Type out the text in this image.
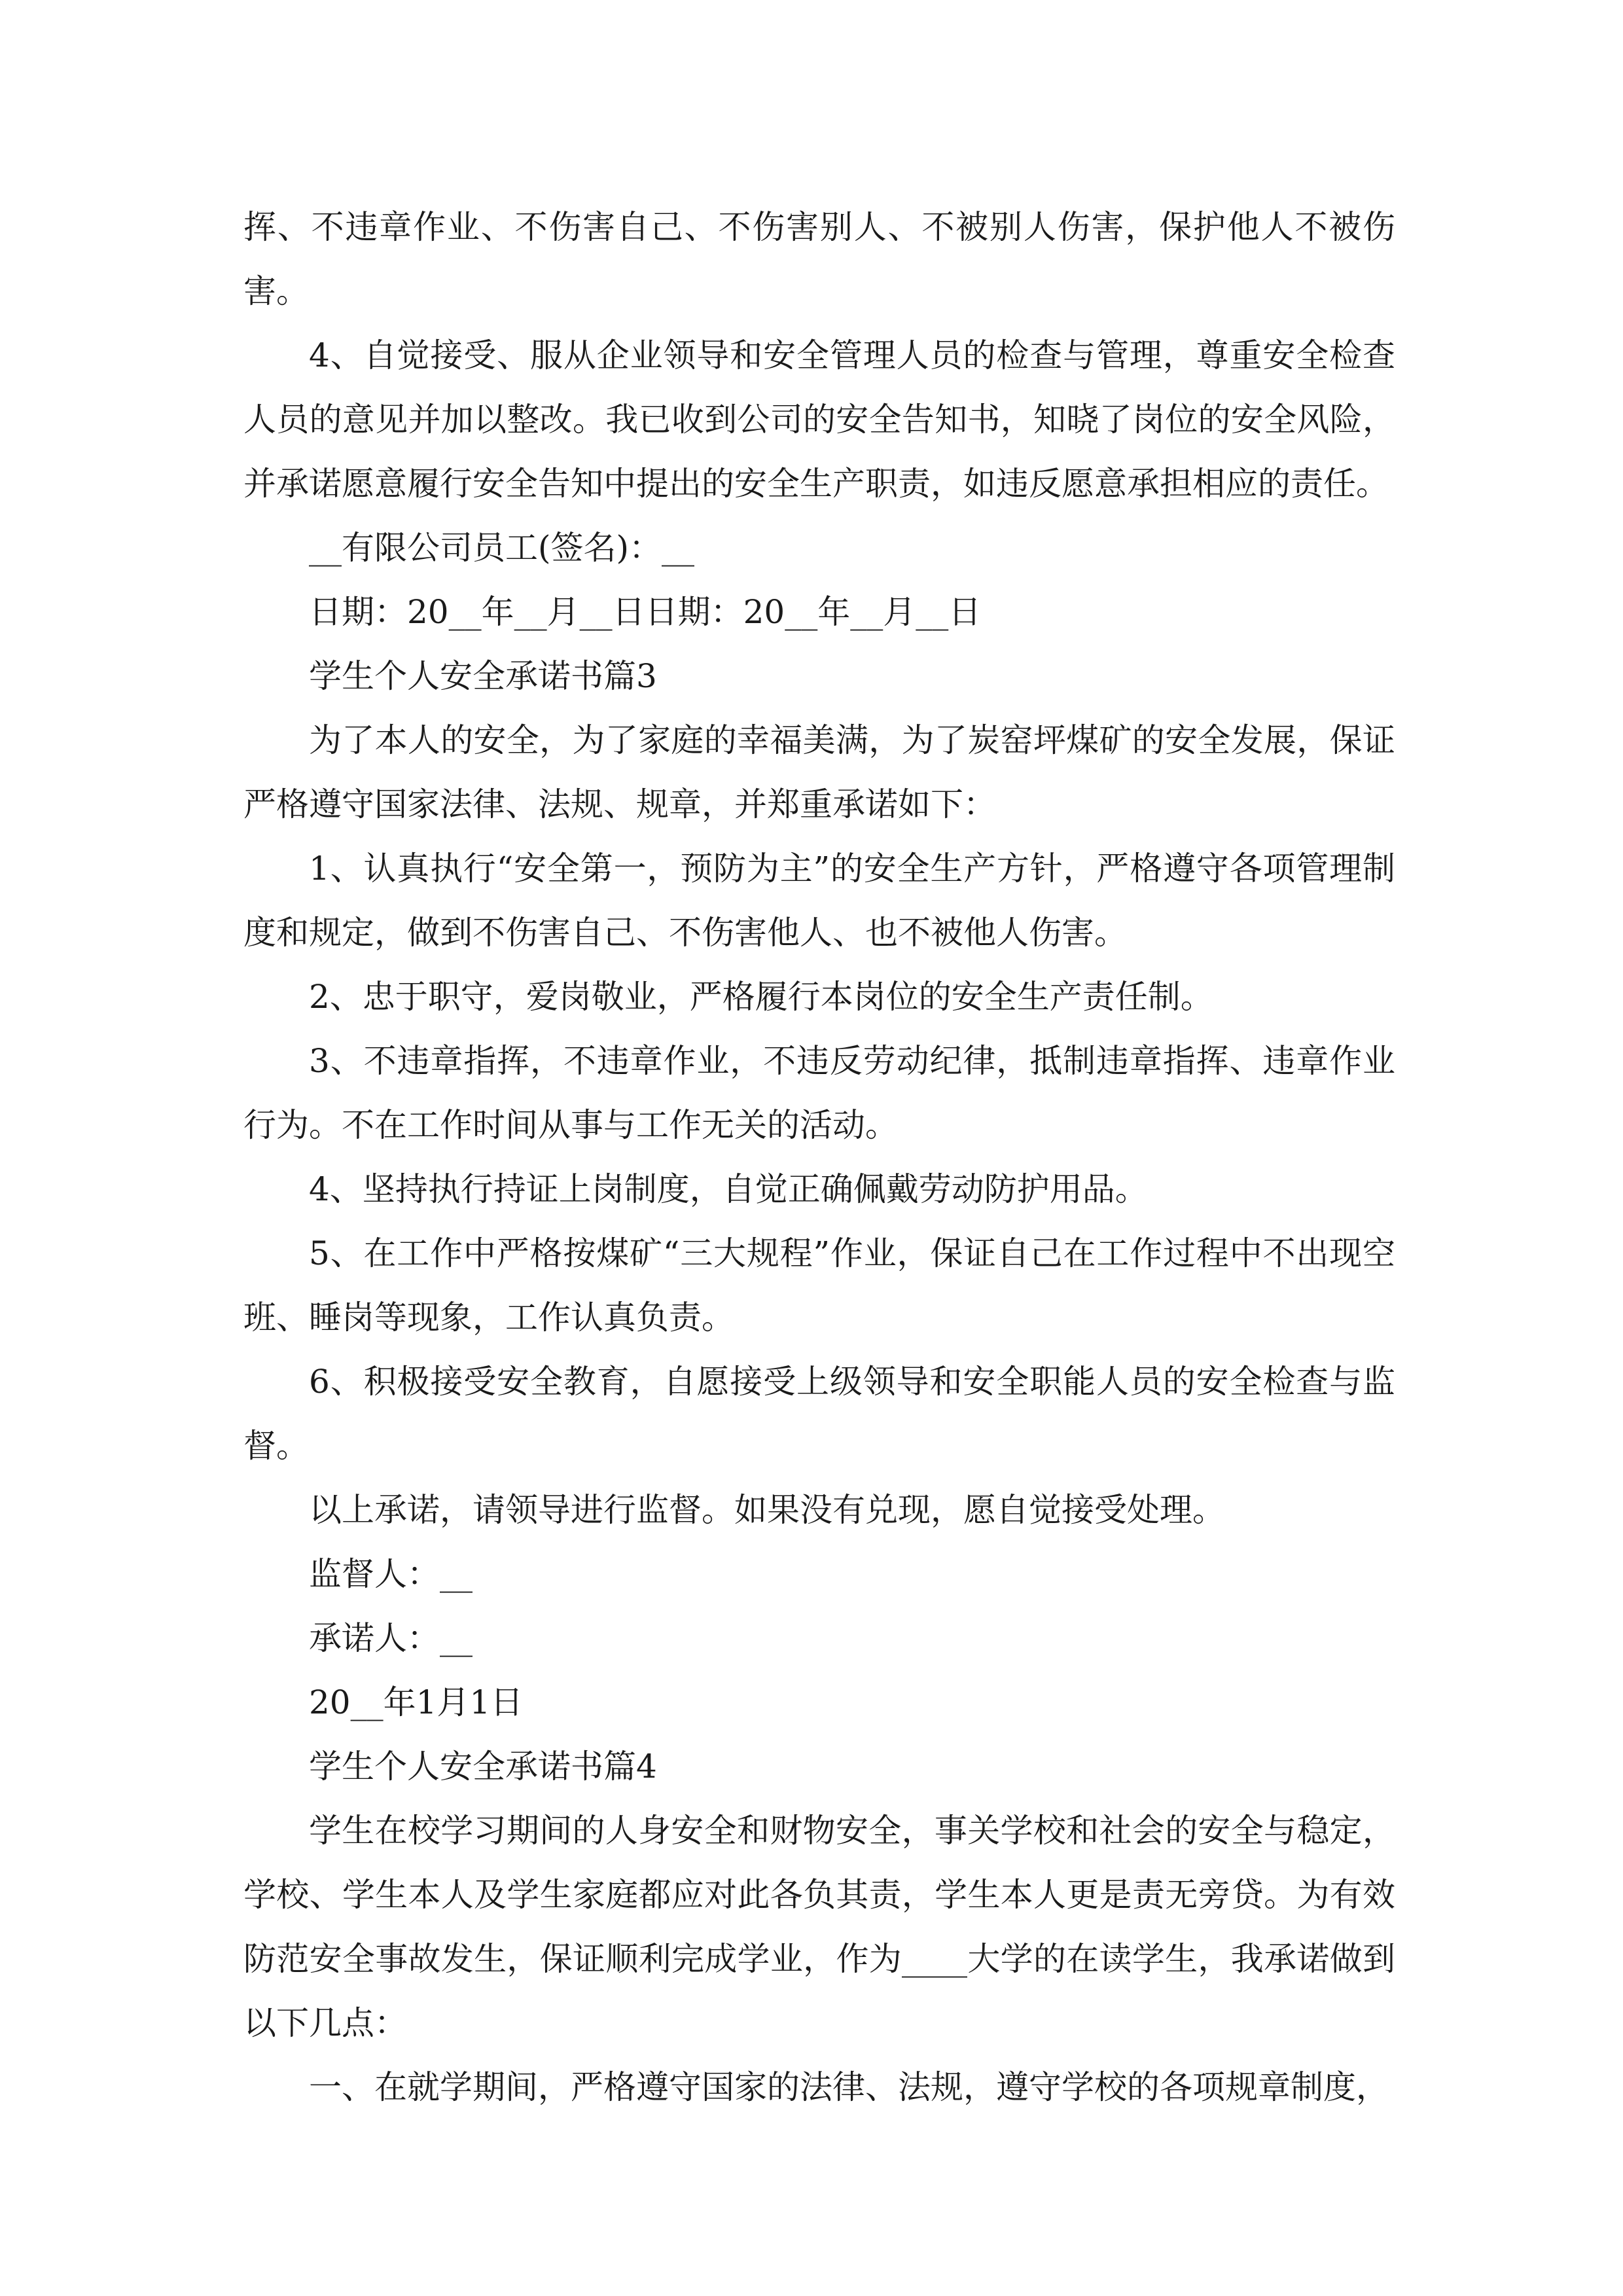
挥、不违章作业、不伤害自己、不伤害别人、不被别人伤害，保护他人不被伤害。

4、自觉接受、服从企业领导和安全管理人员的检查与管理，尊重安全检查人员的意见并加以整改。我已收到公司的安全告知书，知晓了岗位的安全风险，并承诺愿意履行安全告知中提出的安全生产职责，如违反愿意承担相应的责任。

__有限公司员工(签名)：__

日期：20__年__月__日日期：20__年__月__日

学生个人安全承诺书篇3

为了本人的安全，为了家庭的幸福美满，为了炭窑坪煤矿的安全发展，保证严格遵守国家法律、法规、规章，并郑重承诺如下：

1、认真执行“安全第一，预防为主”的安全生产方针，严格遵守各项管理制度和规定，做到不伤害自己、不伤害他人、也不被他人伤害。

2、忠于职守，爱岗敬业，严格履行本岗位的安全生产责任制。

3、不违章指挥，不违章作业，不违反劳动纪律，抵制违章指挥、违章作业行为。不在工作时间从事与工作无关的活动。

4、坚持执行持证上岗制度，自觉正确佩戴劳动防护用品。

5、在工作中严格按煤矿“三大规程”作业，保证自己在工作过程中不出现空班、睡岗等现象，工作认真负责。

6、积极接受安全教育，自愿接受上级领导和安全职能人员的安全检查与监督。

以上承诺，请领导进行监督。如果没有兑现，愿自觉接受处理。

监督人：__

承诺人：__

20__年1月1日

学生个人安全承诺书篇4

学生在校学习期间的人身安全和财物安全，事关学校和社会的安全与稳定，学校、学生本人及学生家庭都应对此各负其责，学生本人更是责无旁贷。为有效防范安全事故发生，保证顺利完成学业，作为____大学的在读学生，我承诺做到以下几点：

一、在就学期间，严格遵守国家的法律、法规，遵守学校的各项规章制度，
